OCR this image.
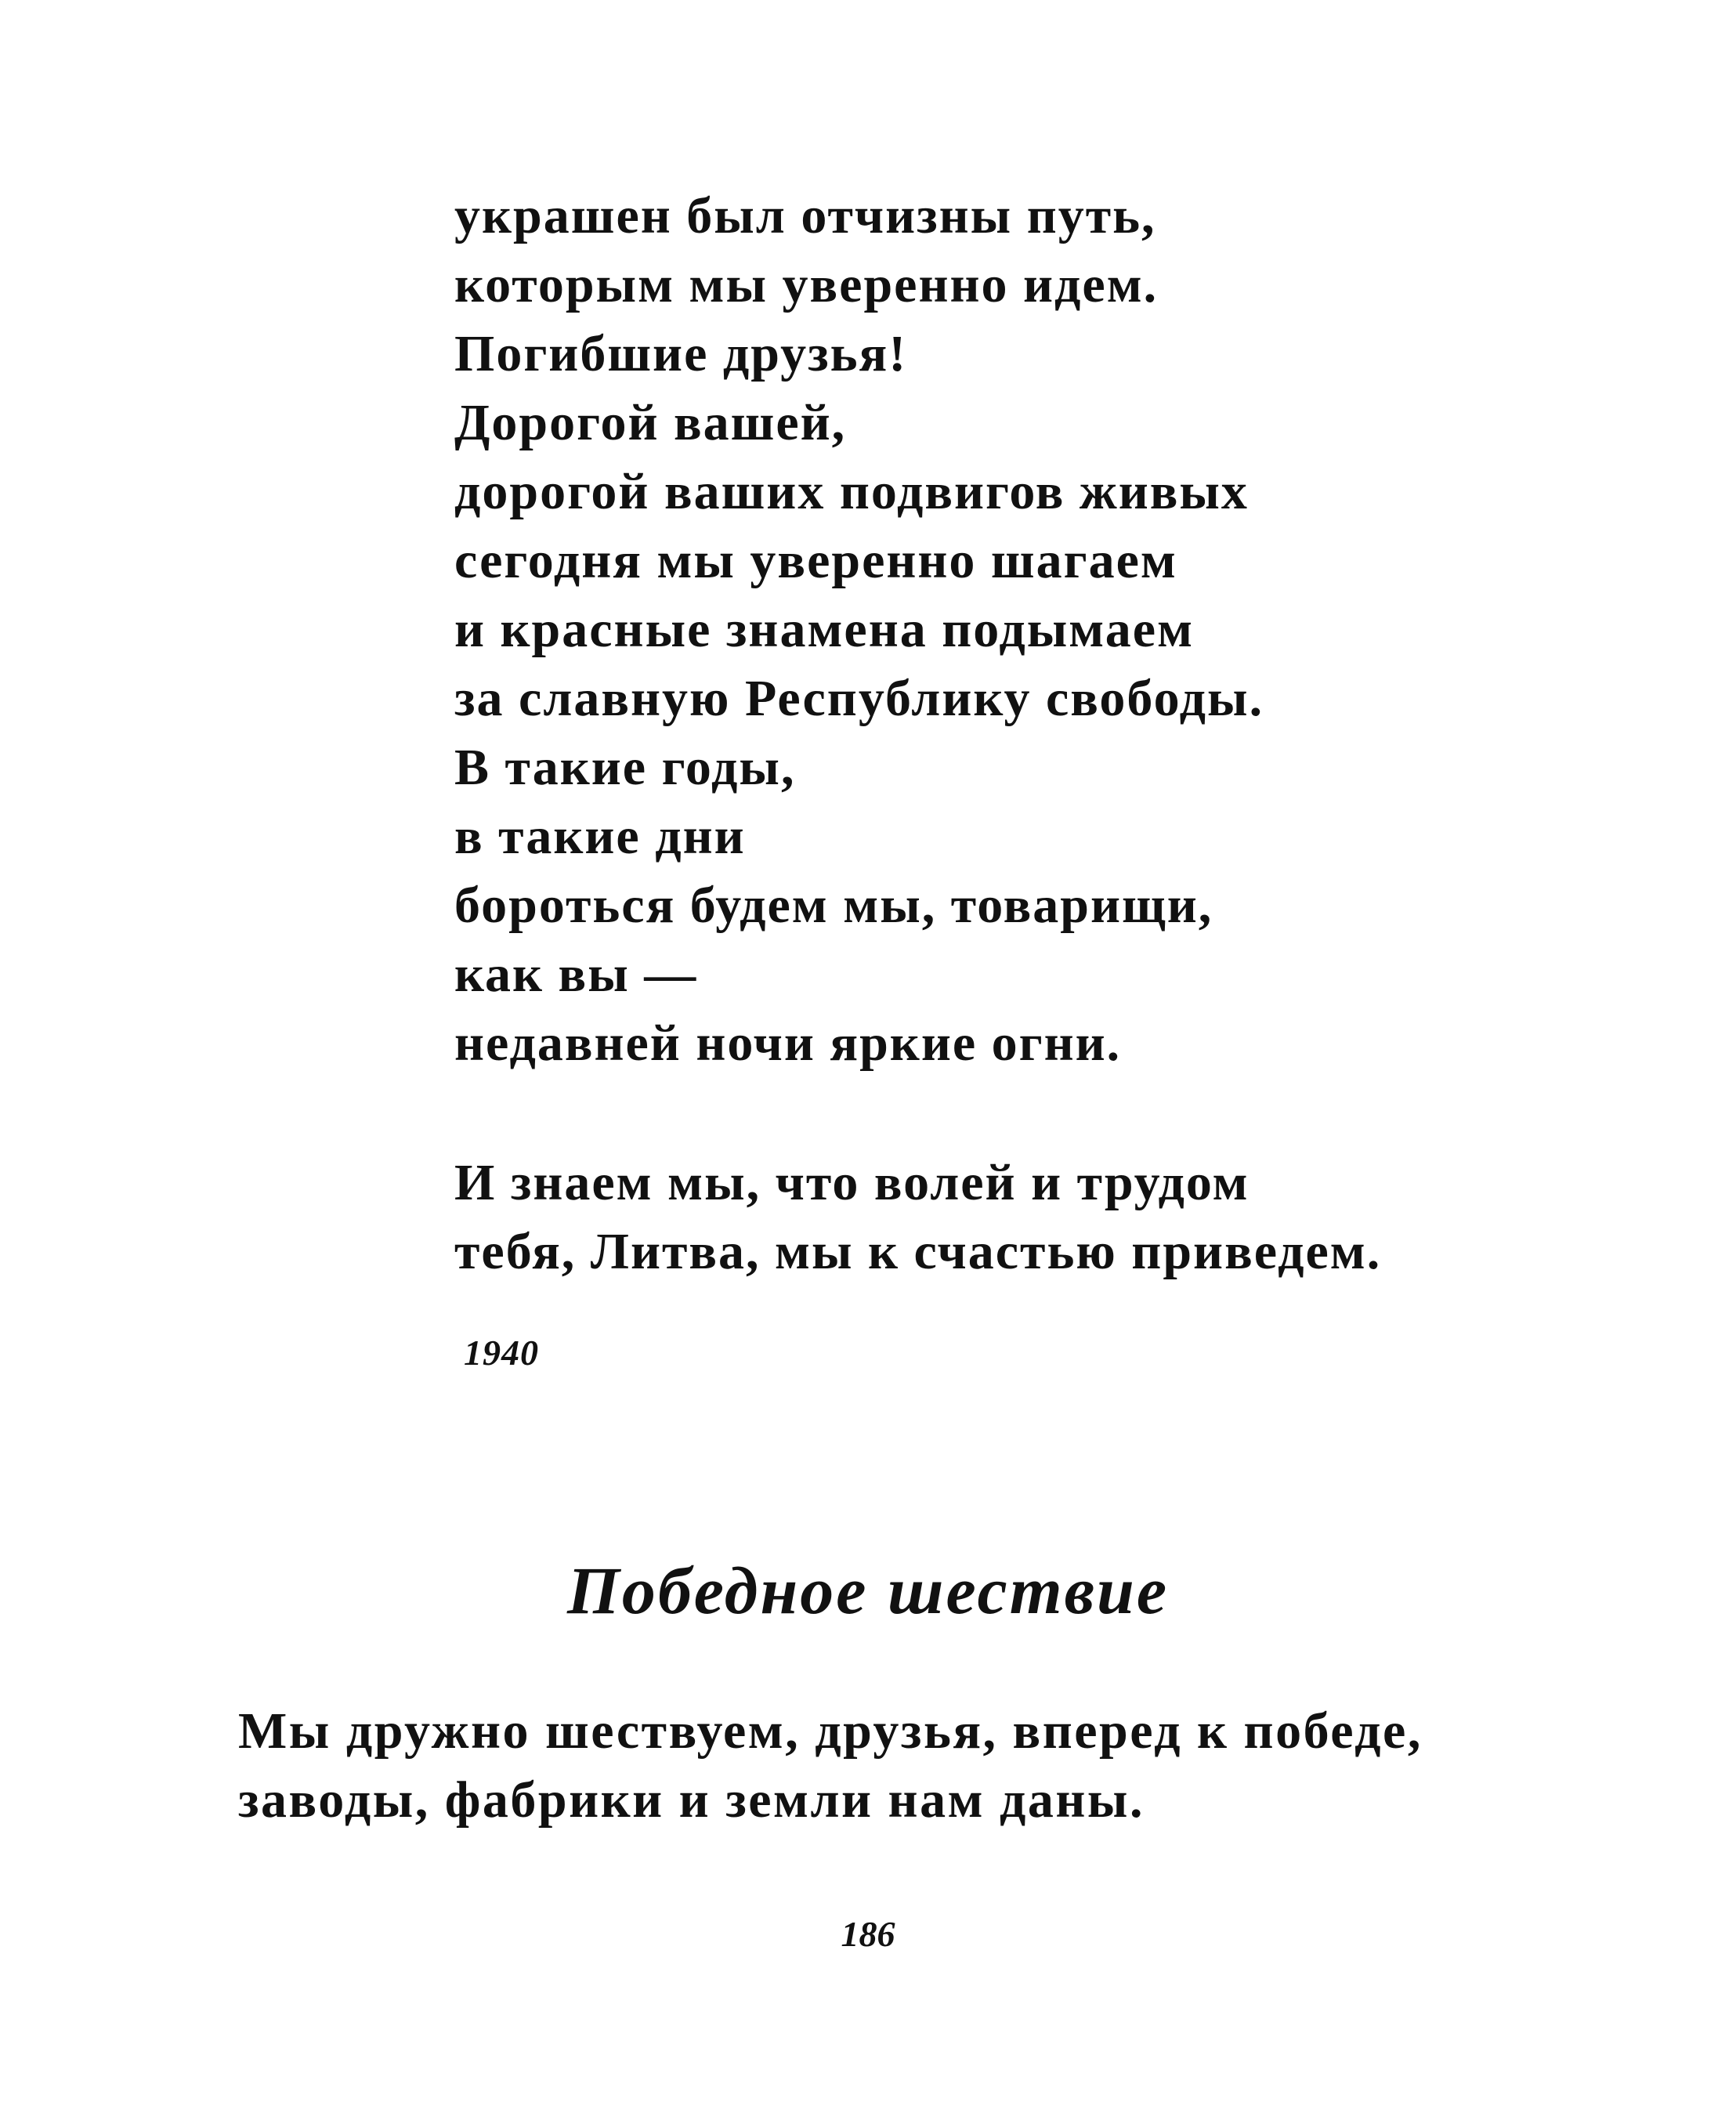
украшен был отчизны путь,
которым мы уверенно идем.
Погибшие друзья!
Дорогой вашей,
дорогой ваших подвигов живых
сегодня мы уверенно шагаем
и красные знамена подымаем
за славную Республику свободы.
В такие годы,
в такие дни
бороться будем мы, товарищи,
как вы —
недавней ночи яркие огни.
И знаем мы, что волей и трудом
тебя, Литва, мы к счастью приведем.
1940
Победное шествие
Мы дружно шествуем, друзья, вперед к победе,
заводы, фабрики и земли нам даны.
186
